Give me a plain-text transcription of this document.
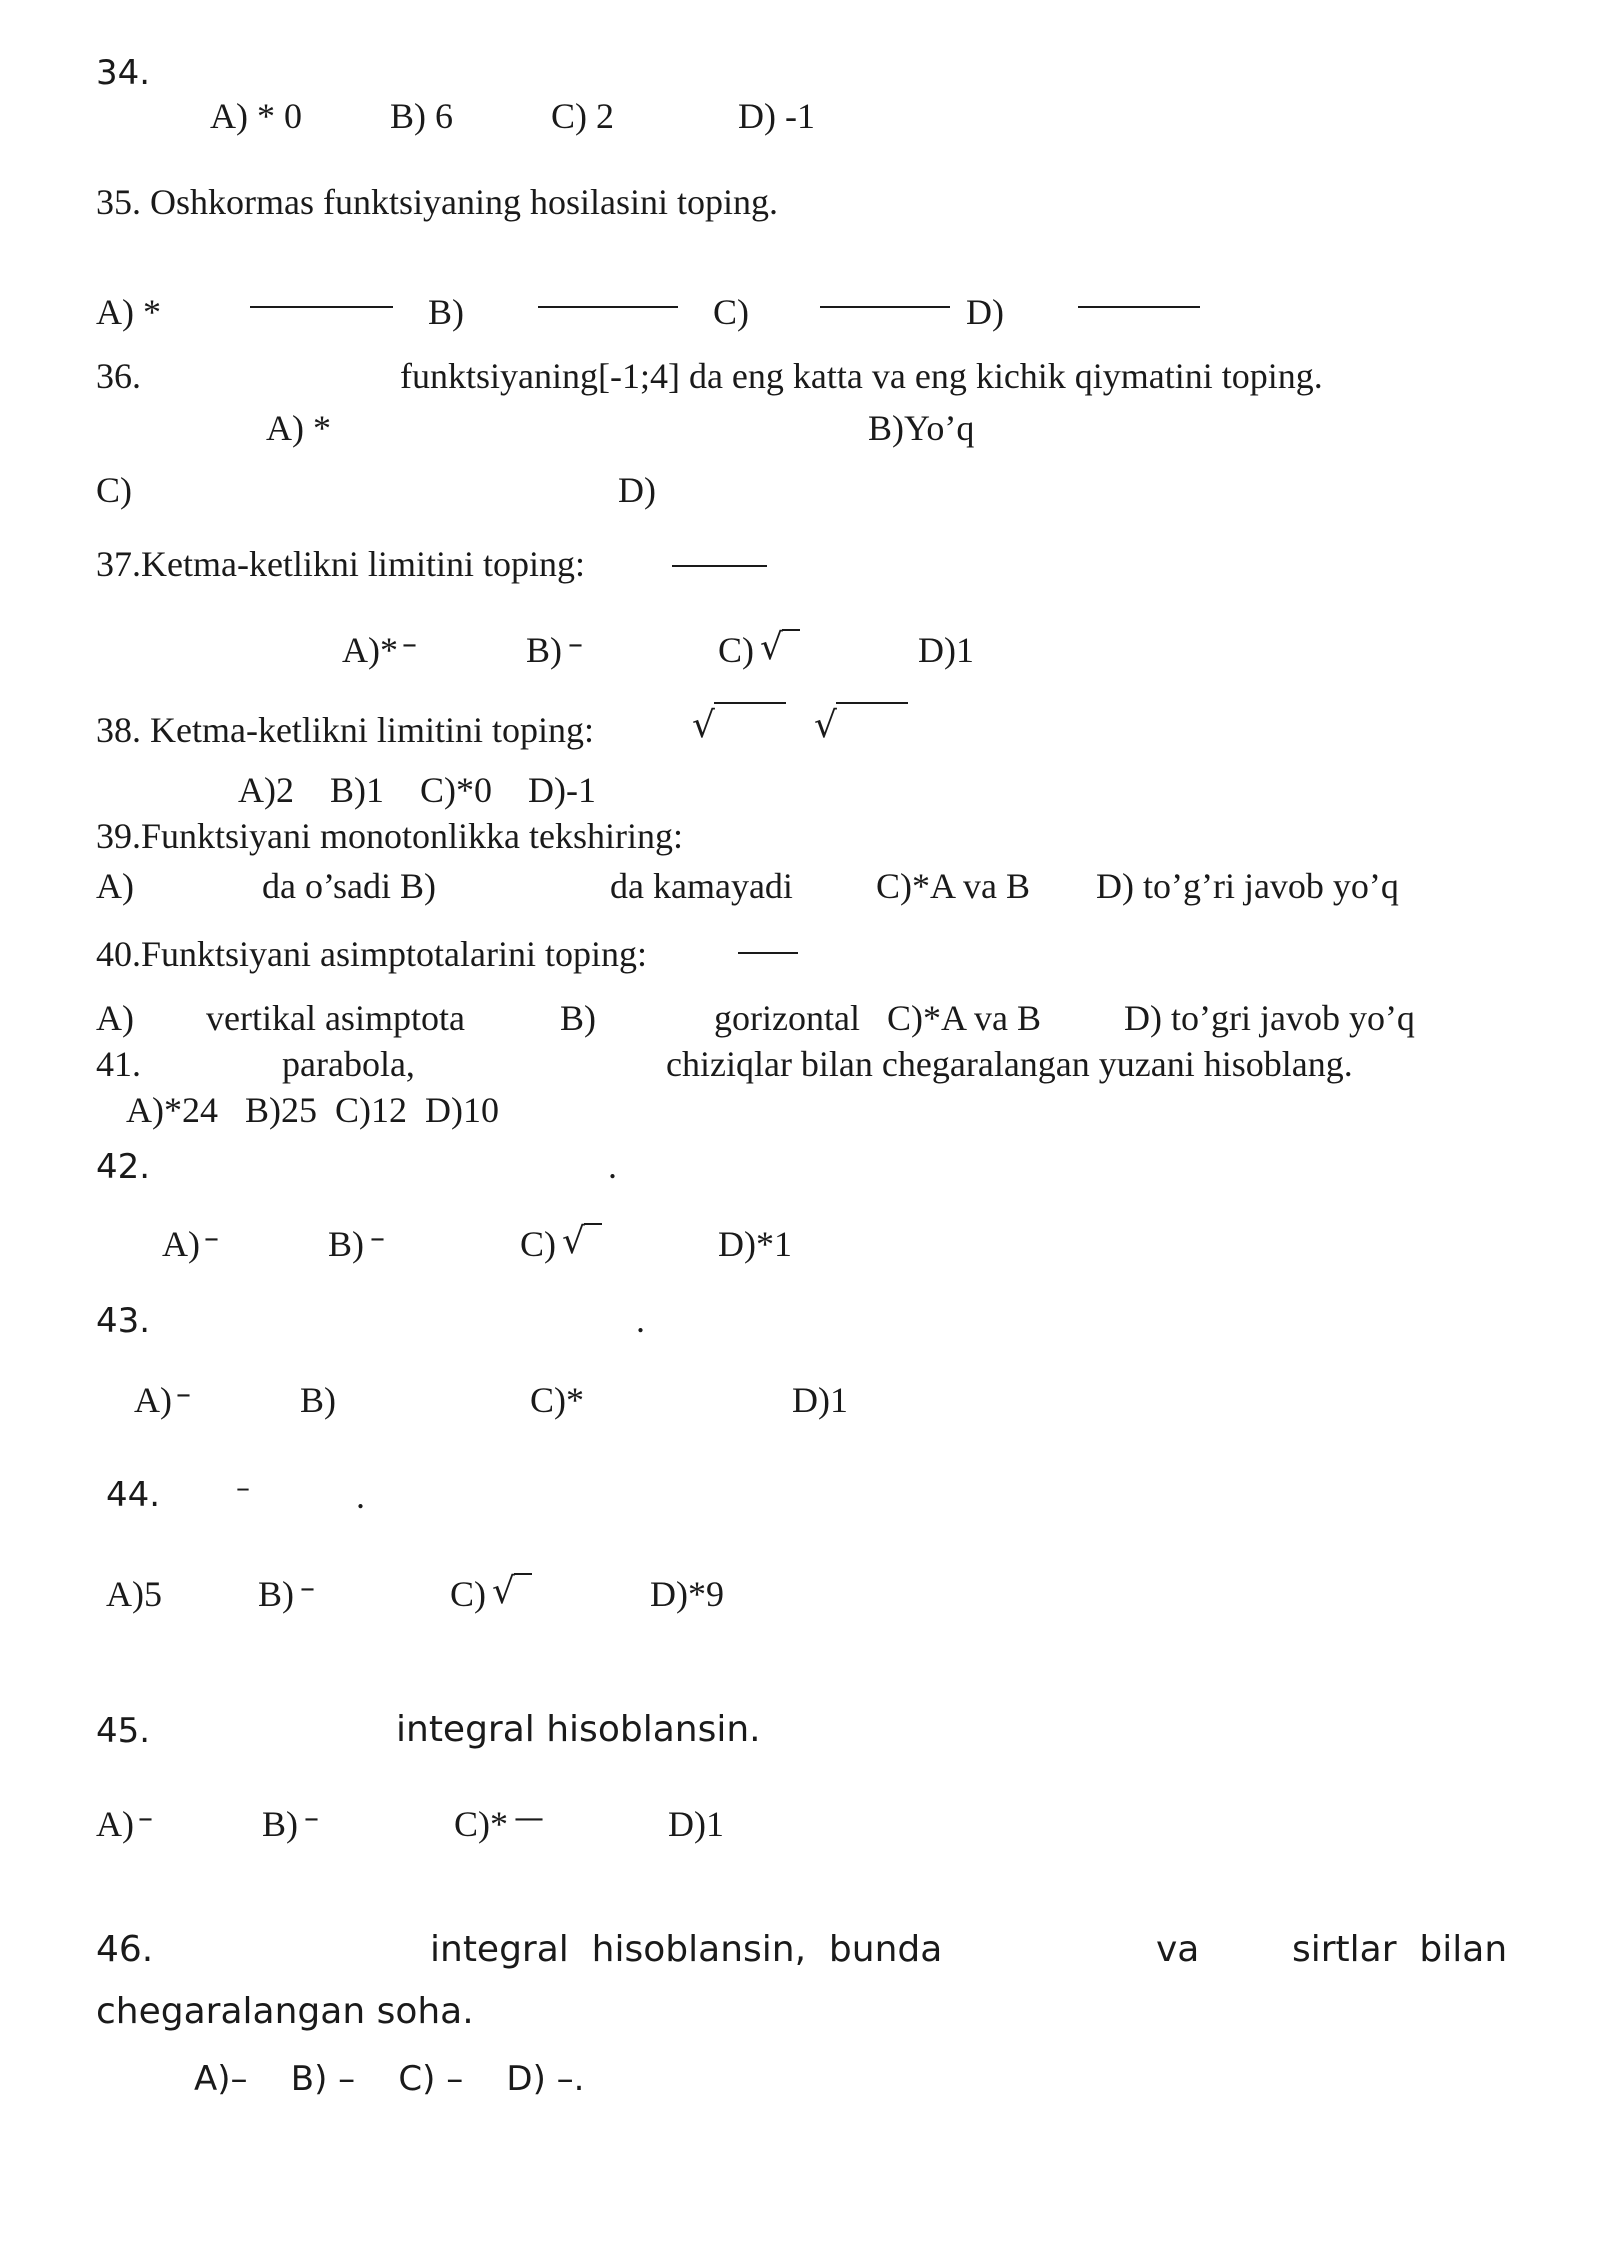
34.
A) * 0 B) 6	C) 2	D) -1
35. Oshkormas funktsiyaning hosilasini toping.
A) *	B)	C)	D)
36.	funktsiyaning[-1;4] da eng katta va eng kichik qiymatini toping.
A) *	B)Yo’q
C)	D)
37.Ketma-ketlikni limitini toping:
A)* –	B) –	C) √	D)1
38. Ketma-ketlikni limitini toping:	√	√
A)2    B)1    C)*0    D)-1
39.Funktsiyani monotonlikka tekshiring:
A)	da o’sadi B)	da kamayadi C)*A va B D) to’g’ri javob yo’q
40.Funktsiyani asimptotalarini toping:
A) vertikal asimptota	B)	gorizontal   C)*A va B D) to’gri javob yo’q
41.	parabola,	chiziqlar bilan chegaralangan yuzani hisoblang.
A)*24   B)25  C)12  D)10
42.	.
A) –	B) –	C) √	D)*1
43.	.
A) –	B)	C)*	D)1
44.	–	.
A)5	B) –	C) √	D)*9
45.	integral hisoblansin.
A) –	B) –	C)* —	D)1
46.	integral  hisoblansin,  bunda	va	sirtlar  bilan
chegaralangan soha.
A)–    B) –    C) –    D) –.
